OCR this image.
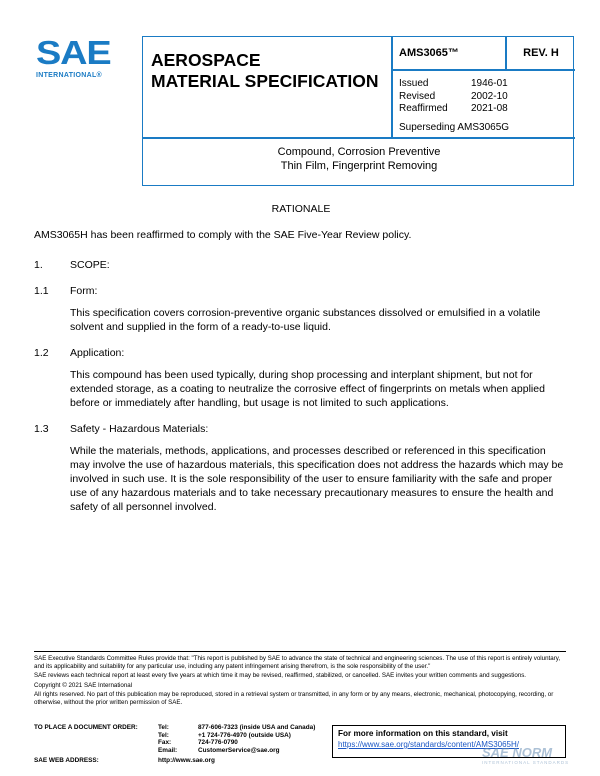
SAE
INTERNATIONAL®
AEROSPACE
MATERIAL SPECIFICATION
AMS3065™	REV. H
Issued	1946-01
Revised	2002-10
Reaffirmed	2021-08
Superseding AMS3065G
Compound, Corrosion Preventive
Thin Film, Fingerprint Removing
RATIONALE
AMS3065H has been reaffirmed to comply with the SAE Five-Year Review policy.
1.	SCOPE:
1.1	Form:
This specification covers corrosion-preventive organic substances dissolved or emulsified in a volatile solvent and supplied in the form of a ready-to-use liquid.
1.2	Application:
This compound has been used typically, during shop processing and interplant shipment, but not for extended storage, as a coating to neutralize the corrosive effect of fingerprints on metals when applied before or immediately after handling, but usage is not limited to such applications.
1.3	Safety - Hazardous Materials:
While the materials, methods, applications, and processes described or referenced in this specification may involve the use of hazardous materials, this specification does not address the hazards which may be involved in such use. It is the sole responsibility of the user to ensure familiarity with the safe and proper use of any hazardous materials and to take necessary precautionary measures to ensure the health and safety of all personnel involved.

SAE Executive Standards Committee Rules provide that: "This report is published by SAE to advance the state of technical and engineering sciences. The use of this report is entirely voluntary, and its applicability and suitability for any particular use, including any patent infringement arising therefrom, is the sole responsibility of the user."

SAE reviews each technical report at least every five years at which time it may be revised, reaffirmed, stabilized, or cancelled. SAE invites your written comments and suggestions.

Copyright © 2021 SAE International

All rights reserved. No part of this publication may be reproduced, stored in a retrieval system or transmitted, in any form or by any means, electronic, mechanical, photocopying, recording, or otherwise, without the prior written permission of SAE.

TO PLACE A DOCUMENT ORDER:	Tel:	877-606-7323 (inside USA and Canada)
Tel:	+1 724-776-4970 (outside USA)
Fax:	724-776-0790
Email:	CustomerService@sae.org
SAE WEB ADDRESS:	http://www.sae.org
For more information on this standard, visit
https://www.sae.org/standards/content/AMS3065H/
SAE NORM
INTERNATIONAL STANDARDS
